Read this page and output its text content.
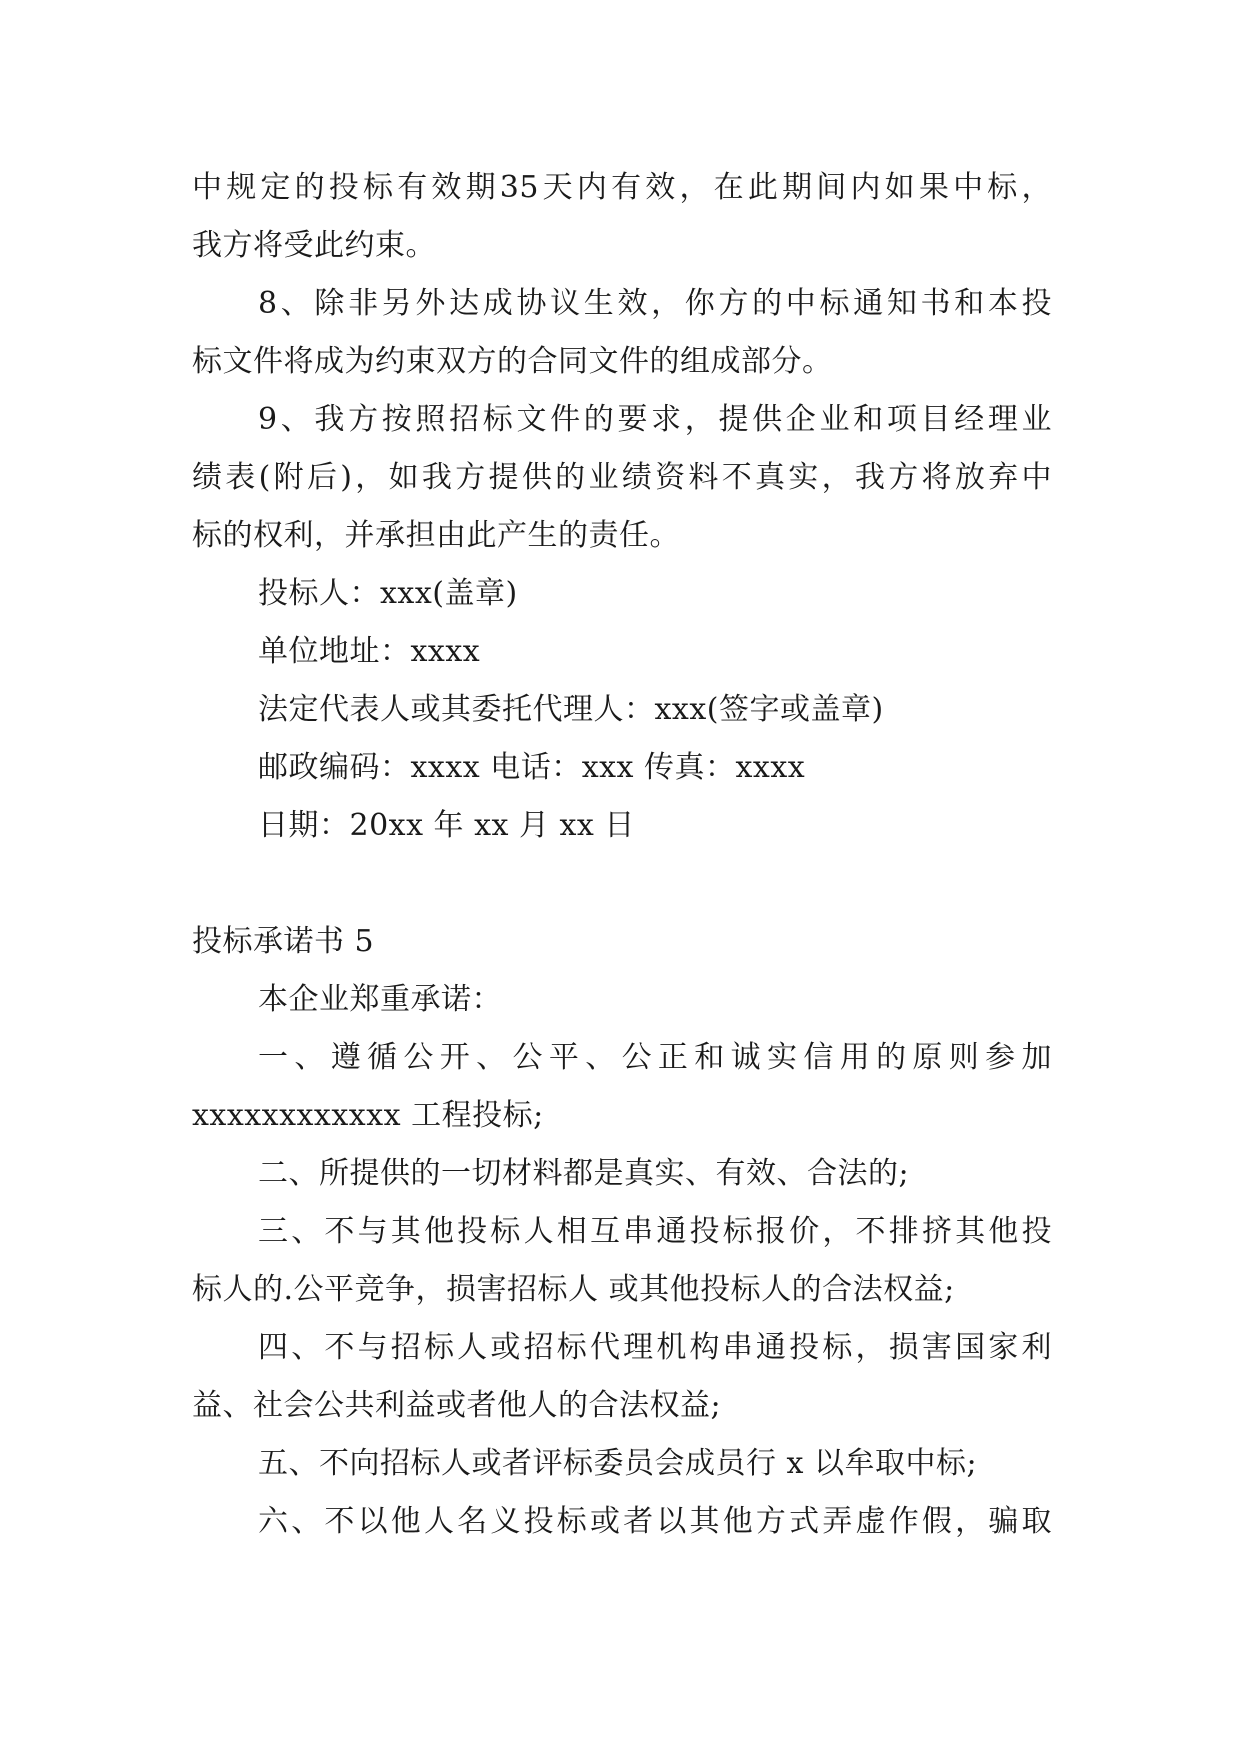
中规定的投标有效期35天内有效，在此期间内如果中标，
我方将受此约束。
8、除非另外达成协议生效，你方的中标通知书和本投
标文件将成为约束双方的合同文件的组成部分。
9、我方按照招标文件的要求，提供企业和项目经理业
绩表(附后)，如我方提供的业绩资料不真实，我方将放弃中
标的权利，并承担由此产生的责任。
投标人：xxx(盖章)
单位地址：xxxx
法定代表人或其委托代理人：xxx(签字或盖章)
邮政编码：xxxx 电话：xxx 传真：xxxx
日期：20xx 年 xx 月 xx 日
投标承诺书 5
本企业郑重承诺：
一、遵循公开、公平、公正和诚实信用的原则参加
xxxxxxxxxxxx 工程投标;
二、所提供的一切材料都是真实、有效、合法的;
三、不与其他投标人相互串通投标报价，不排挤其他投
标人的.公平竞争，损害招标人 或其他投标人的合法权益;
四、不与招标人或招标代理机构串通投标，损害国家利
益、社会公共利益或者他人的合法权益;
五、不向招标人或者评标委员会成员行 x 以牟取中标;
六、不以他人名义投标或者以其他方式弄虚作假，骗取
